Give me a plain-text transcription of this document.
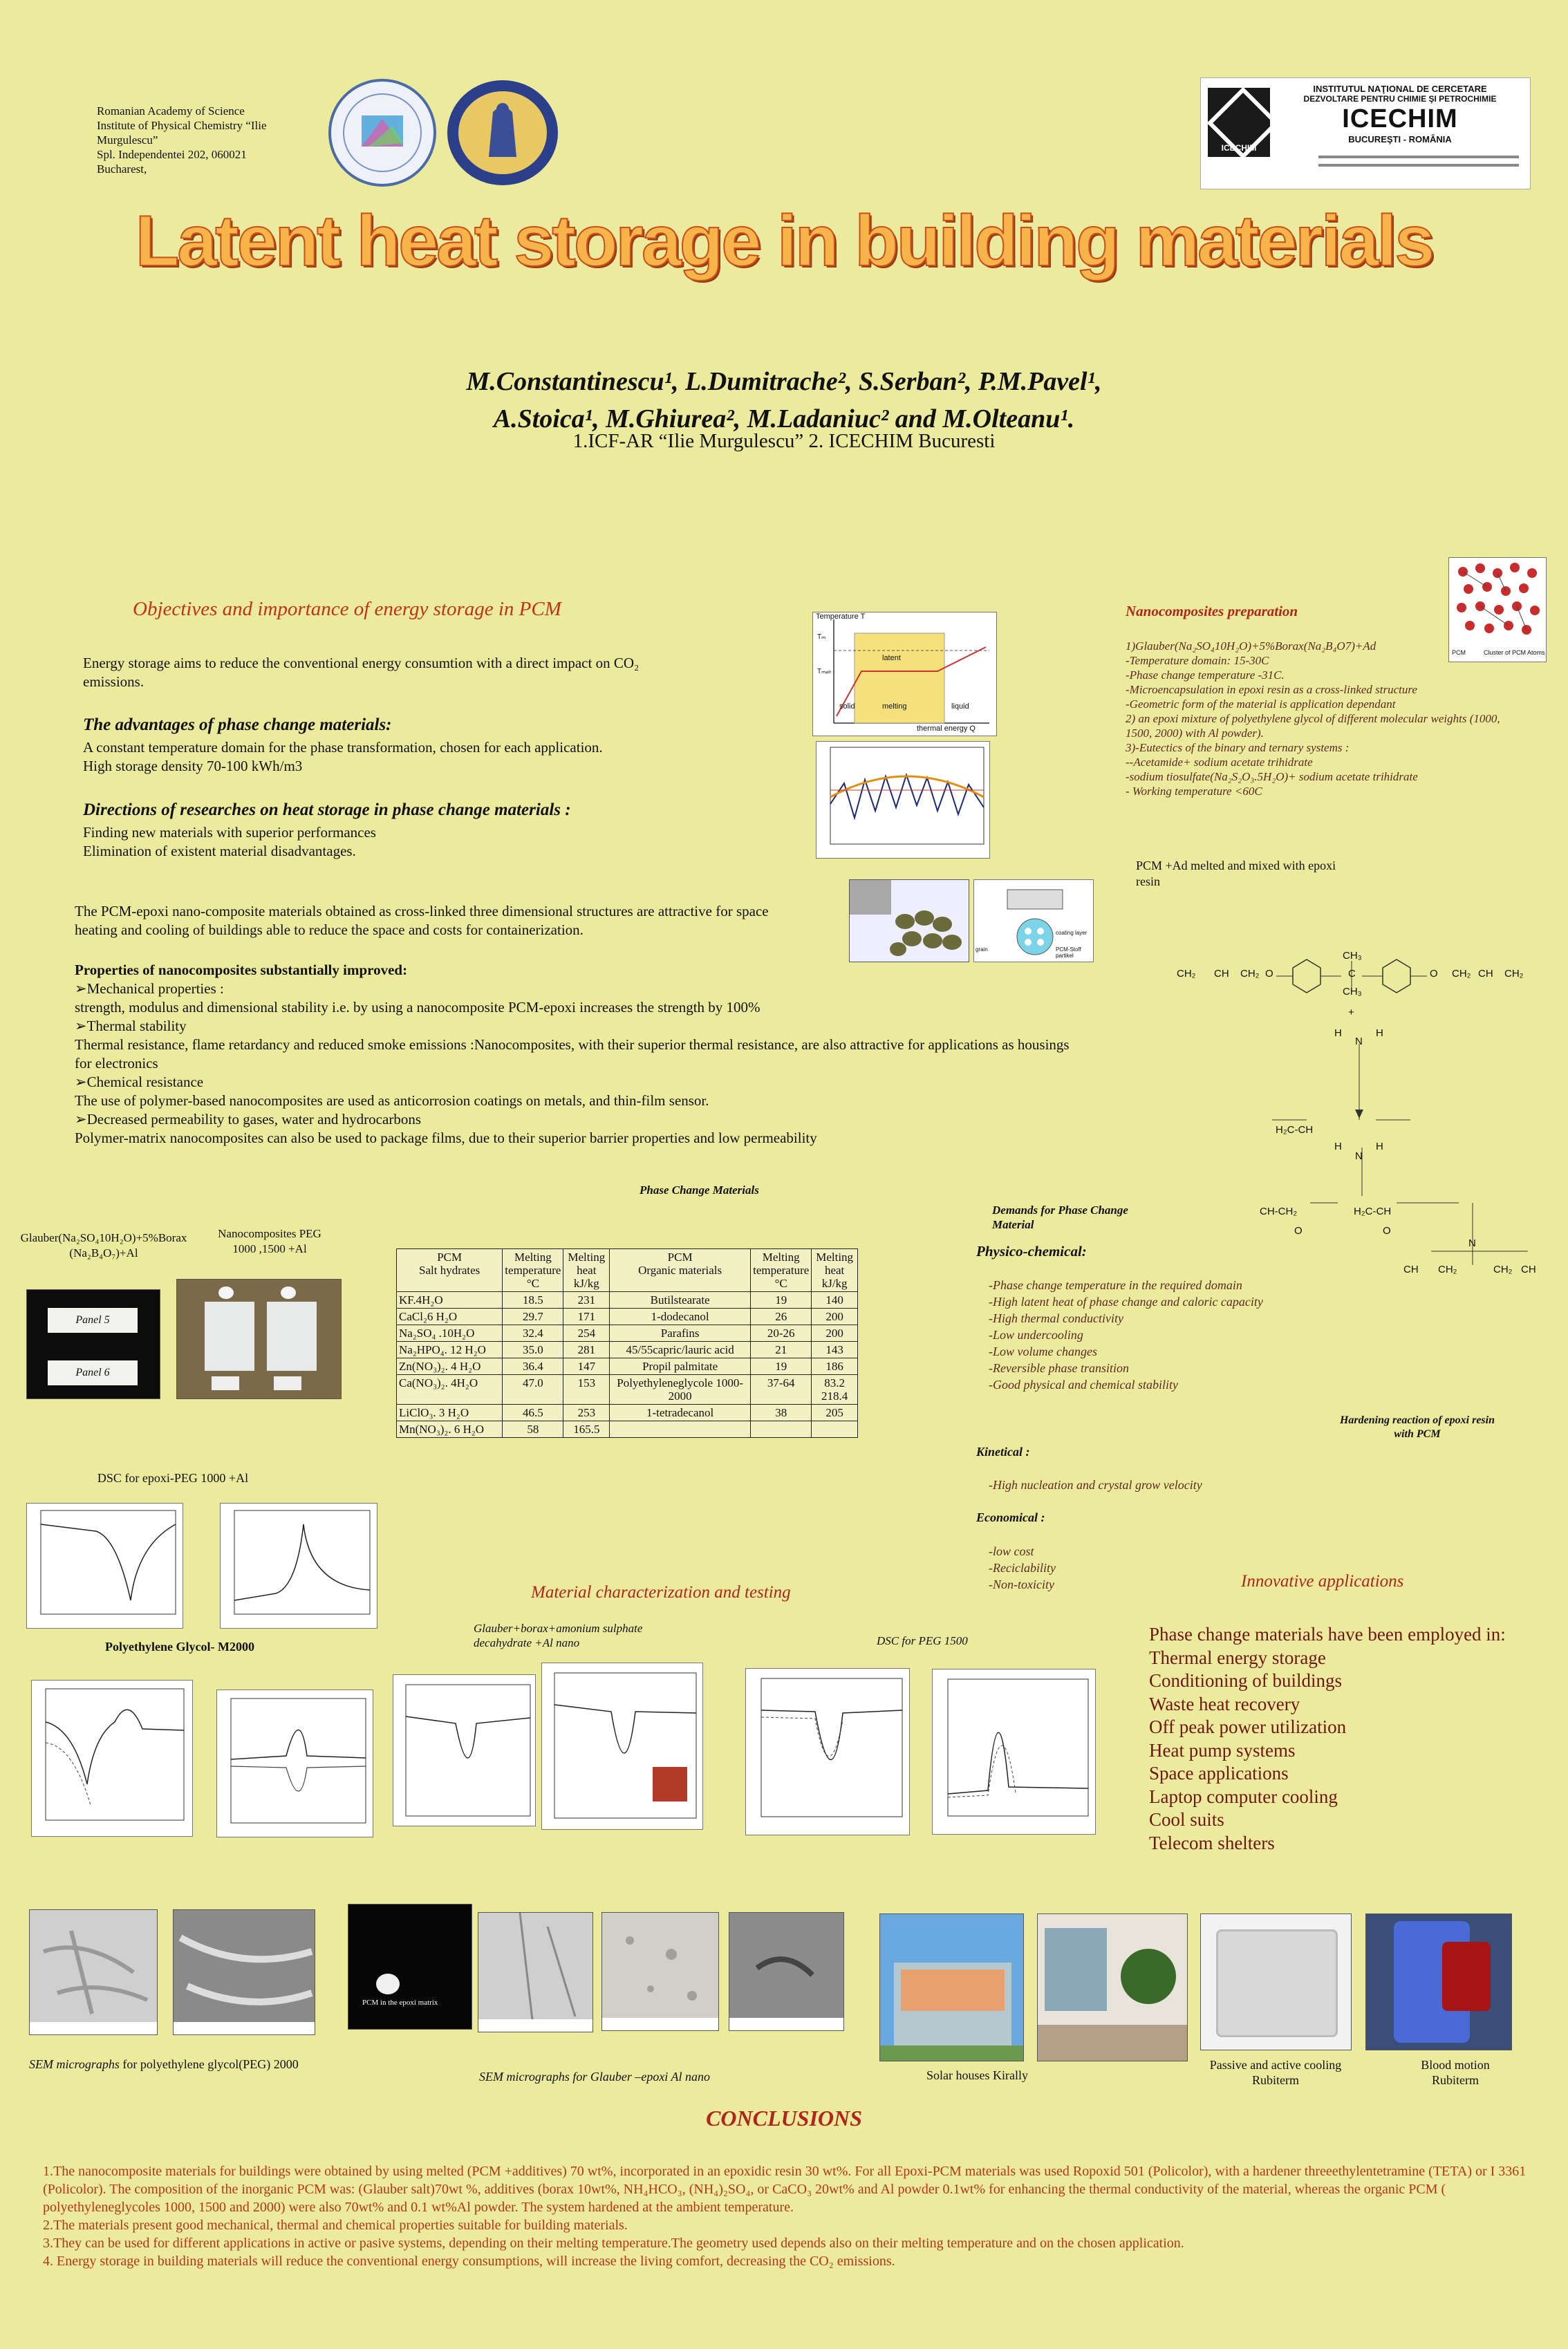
Romanian Academy of Science
Institute of Physical Chemistry “Ilie Murgulescu”
Spl. Independentei 202, 060021
Bucharest,
ICECHIM
INSTITUTUL NAŢIONAL DE CERCETARE
DEZVOLTARE PENTRU CHIMIE ŞI PETROCHIMIE
ICECHIM
BUCUREŞTI - ROMÂNIA
Latent heat storage in building materials
M.Constantinescu¹, L.Dumitrache², S.Serban², P.M.Pavel¹,
A.Stoica¹, M.Ghiurea², M.Ladaniuc² and M.Olteanu¹.
1.ICF-AR “Ilie Murgulescu” 2. ICECHIM Bucuresti
Objectives and importance of energy storage in PCM
Energy storage aims to reduce the conventional energy consumtion with a direct impact on CO₂ emissions.
The advantages of phase change materials:
A constant temperature domain for the phase transformation, chosen for each application.
High storage density 70-100 kWh/m3
Directions of researches on heat storage in phase change materials :
Finding new materials with superior performances
Elimination of existent material disadvantages.
The PCM-epoxi nano-composite materials obtained as cross-linked three dimensional structures are attractive for space heating and cooling of buildings able to reduce the space and costs for containerization.
Properties of nanocomposites substantially improved:
➢Mechanical properties :
strength, modulus and dimensional stability i.e. by using a nanocomposite PCM-epoxi increases the strength by 100%
➢Thermal stability
Thermal resistance, flame retardancy and reduced smoke emissions :Nanocomposites, with their superior thermal resistance, are also attractive for applications as housings for electronics
➢Chemical resistance
The use of polymer-based nanocomposites are used as anticorrosion coatings on metals, and thin-film sensor.
➢Decreased permeability to gases, water and hydrocarbons
Polymer-matrix nanocomposites can also be used to package films, due to their superior barrier properties and low permeability
Temperature T
thermal energy Q
solid	melting
latent
liquid
Tₘ
Tₘₑₗₜ
grain
coating layer
PCM-Stoff partikel
Nanocomposites preparation
PCM	Cluster of PCM Atoms
1)Glauber(Na₂SO₄10H₂O)+5%Borax(Na₂B₄O7)+Ad
-Temperature domain: 15-30C
-Phase change temperature -31C.
-Microencapsulation in epoxi resin as a cross-linked structure
-Geometric form of the material is application dependant
2) an epoxi mixture of polyethylene glycol of different molecular weights (1000, 1500, 2000) with Al powder).
3)-Eutectics of the binary and ternary systems :
--Acetamide+ sodium acetate trihidrate
-sodium tiosulfate(Na₂S₂O₃.5H₂O)+ sodium acetate trihidrate
- Working temperature <60C
PCM +Ad melted and mixed with epoxi resin
CH₂ CH CH₂ O
CH₃
C
CH₃
O CH₂ CH CH₂
+
H
N
H
H₂C-CH
H
N
H
CH-CH₂
O
H₂C-CH
O
CH CH₂
N
CH₂ CH
Hardening reaction of epoxi resin with PCM
Phase Change Materials
PCM
Salt hydrates	Melting temperature °C	Melting heat kJ/kg	PCM
Organic materials	Melting temperature °C	Melting heat kJ/kg
KF.4H₂O	18.5	231	Butilstearate	19	140
CaCl₂6 H₂O	29.7	171	1-dodecanol	26	200
Na₂SO₄ .10H₂O	32.4	254	Parafins	20-26	200
Na₂HPO₄. 12 H₂O	35.0	281	45/55capric/lauric acid	21	143
Zn(NO₃)₂. 4 H₂O	36.4	147	Propil palmitate	19	186
Ca(NO₃)₂. 4H₂O	47.0	153	Polyethyleneglycole 1000-2000	37-64	83.2
218.4
LiClO₃. 3 H₂O	46.5	253	1-tetradecanol	38	205
Mn(NO₃)₂. 6 H₂O	58	165.5			
Glauber(Na₂SO₄10H₂O)+5%Borax (Na₂B₄O₇)+Al
Nanocomposites PEG 1000 ,1500 +Al
Panel 5
Panel 6
DSC for epoxi-PEG 1000 +Al
Polyethylene Glycol- M2000
Demands for Phase Change Material
Physico-chemical:
-Phase change temperature in the required domain
-High latent heat of phase change and caloric capacity
-High thermal conductivity
-Low undercooling
-Low volume changes
-Reversible phase transition
-Good physical and chemical stability
Kinetical :
-High nucleation and crystal grow velocity
Economical :
-low cost
-Reciclability
-Non-toxicity
Material characterization and testing
Glauber+borax+amonium sulphate decahydrate +Al nano	DSC for PEG 1500
Innovative applications
Phase change materials have been employed in:
Thermal energy storage
Conditioning of buildings
Waste heat recovery
Off peak power utilization
Heat pump systems
Space applications
Laptop computer cooling
Cool suits
Telecom shelters
PCM in the epoxi matrix
SEM micrographs for polyethylene glycol(PEG) 2000
SEM micrographs for Glauber –epoxi Al nano	Solar houses Kirally
Passive and active cooling Rubiterm
Blood motion Rubiterm
CONCLUSIONS
1.The nanocomposite materials for buildings were obtained by using melted (PCM +additives) 70 wt%, incorporated in an epoxidic resin 30 wt%. For all Epoxi-PCM materials was used Ropoxid 501 (Policolor), with a hardener threeethylentetramine (TETA) or I 3361 (Policolor). The composition of the inorganic PCM was: (Glauber salt)70wt %, additives (borax 10wt%, NH₄HCO₃, (NH₄)₂SO₄, or CaCO₃ 20wt% and Al powder 0.1wt% for enhancing the thermal conductivity of the material, whereas the organic PCM ( polyethyleneglycoles 1000, 1500 and 2000) were also 70wt% and 0.1 wt%Al powder. The system hardened at the ambient temperature.
2.The materials present good mechanical, thermal and chemical properties suitable for building materials.
3.They can be used for different applications in active or pasive systems, depending on their melting temperature.The geometry used depends also on their melting temperature and on the chosen application.
4. Energy storage in building materials will reduce the conventional energy consumptions, will increase the living comfort, decreasing the CO₂ emissions.
